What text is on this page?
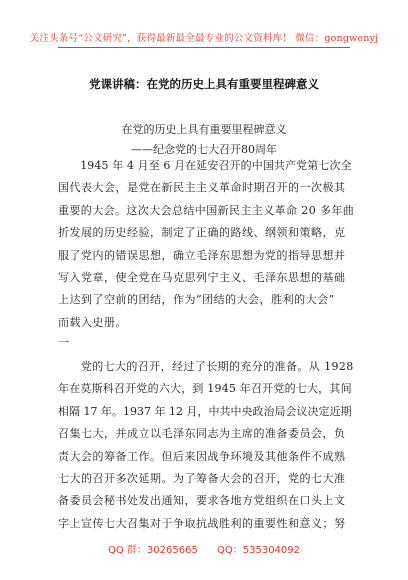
关注头条号“公文研究”，获得最新最全最专业的公文资料库！ 微信：gongwenyj
党课讲稿：在党的历史上具有重要里程碑意义
在党的历史上具有重要里程碑意义
——纪念党的七大召开80周年
　　1945 年 4 月至 6 月在延安召开的中国共产党第七次全
国代表大会，是党在新民主主义革命时期召开的一次极其
重要的大会。这次大会总结中国新民主主义革命 20 多年曲
折发展的历史经验，制定了正确的路线、纲领和策略，克
服了党内的错误思想，确立毛泽东思想为党的指导思想并
写入党章，使全党在马克思列宁主义、毛泽东思想的基础
上达到了空前的团结，作为“团结的大会，胜利的大会”
而载入史册。
一
　　党的七大的召开，经过了长期的充分的准备。从 1928
年在莫斯科召开党的六大，到 1945 年召开党的七大，其间
相隔 17 年。1937 年 12 月，中共中央政治局会议决定近期
召集七大，并成立以毛泽东同志为主席的准备委员会，负
责大会的筹备工作。但后来因战争环境及其他条件不成熟
七大的召开多次延期。为了筹备大会的召开，党的七大准
备委员会秘书处发出通知，要求各地方党组织在口头上文
字上宣传七大召集对于争取抗战胜利的重要性和意义；努
QQ 群：30265665 QQ：535304092
